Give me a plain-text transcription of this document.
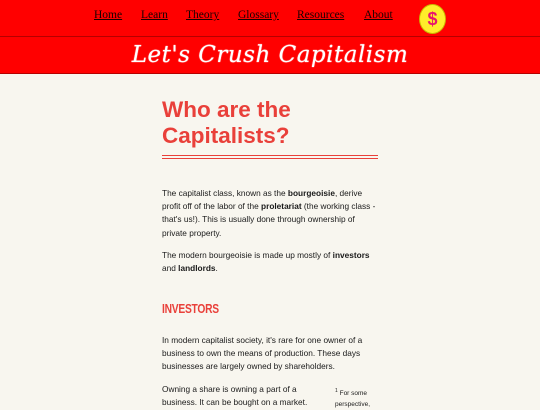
Home Learn Theory Glossary Resources About $
Let's Crush Capitalism
Who are the
Capitalists?

The capitalist class, known as the bourgeoisie, derive profit off of the labor of the proletariat (the working class - that's us!). This is usually done through ownership of private property.

The modern bourgeoisie is made up mostly of investors and landlords.

INVESTORS

In modern capitalist society, it's rare for one owner of a business to own the means of production. These days businesses are largely owned by shareholders.

Owning a share is owning a part of a business. It can be bought on a market.

$^1$ For some perspective,
